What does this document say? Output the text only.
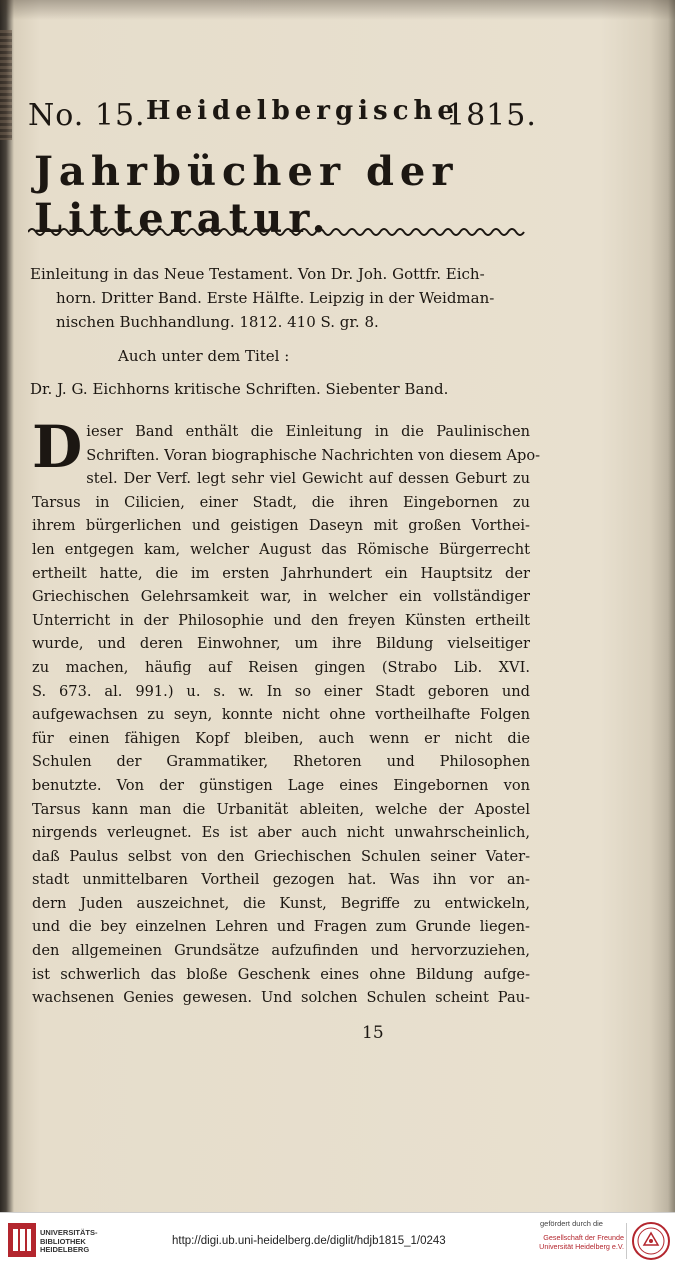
No. 15. Heidelbergische
1815.
Jahrbücher der Litteratur.
Einleitung in das Neue Testament. Von Dr. Joh. Gottfr. Eich-
horn. Dritter Band. Erste Hälfte. Leipzig in der Weidman-
nischen Buchhandlung. 1812. 410 S. gr. 8.
Auch unter dem Titel :
Dr. J. G. Eichhorns kritische Schriften. Siebenter Band.
D ieser Band enthält die Einleitung in die Paulinischen
Schriften. Voran biographische Nachrichten von diesem Apo-
stel. Der Verf. legt sehr viel Gewicht auf dessen Geburt zu
Tarsus in Cilicien, einer Stadt, die ihren Eingebornen zu
ihrem bürgerlichen und geistigen Daseyn mit großen Vorthei-
len entgegen kam, welcher August das Römische Bürgerrecht
ertheilt hatte, die im ersten Jahrhundert ein Hauptsitz der
Griechischen Gelehrsamkeit war, in welcher ein vollständiger
Unterricht in der Philosophie und den freyen Künsten ertheilt
wurde, und deren Einwohner, um ihre Bildung vielseitiger
zu machen, häufig auf Reisen gingen (Strabo Lib. XVI.
S. 673. al. 991.) u. s. w. In so einer Stadt geboren und
aufgewachsen zu seyn, konnte nicht ohne vortheilhafte Folgen
für einen fähigen Kopf bleiben, auch wenn er nicht die
Schulen der Grammatiker, Rhetoren und Philosophen
benutzte. Von der günstigen Lage eines Eingebornen von
Tarsus kann man die Urbanität ableiten, welche der Apostel
nirgends verleugnet. Es ist aber auch nicht unwahrscheinlich,
daß Paulus selbst von den Griechischen Schulen seiner Vater-
stadt unmittelbaren Vortheil gezogen hat. Was ihn vor an-
dern Juden auszeichnet, die Kunst, Begriffe zu entwickeln,
und die bey einzelnen Lehren und Fragen zum Grunde liegen-
den allgemeinen Grundsätze aufzufinden und hervorzuziehen,
ist schwerlich das bloße Geschenk eines ohne Bildung aufge-
wachsenen Genies gewesen. Und solchen Schulen scheint Pau-
15
UNIVERSITÄTS-
BIBLIOTHEK
HEIDELBERG
http://digi.ub.uni-heidelberg.de/diglit/hdjb1815_1/0243
gefördert durch die
Gesellschaft der Freunde
Universität Heidelberg e.V.
